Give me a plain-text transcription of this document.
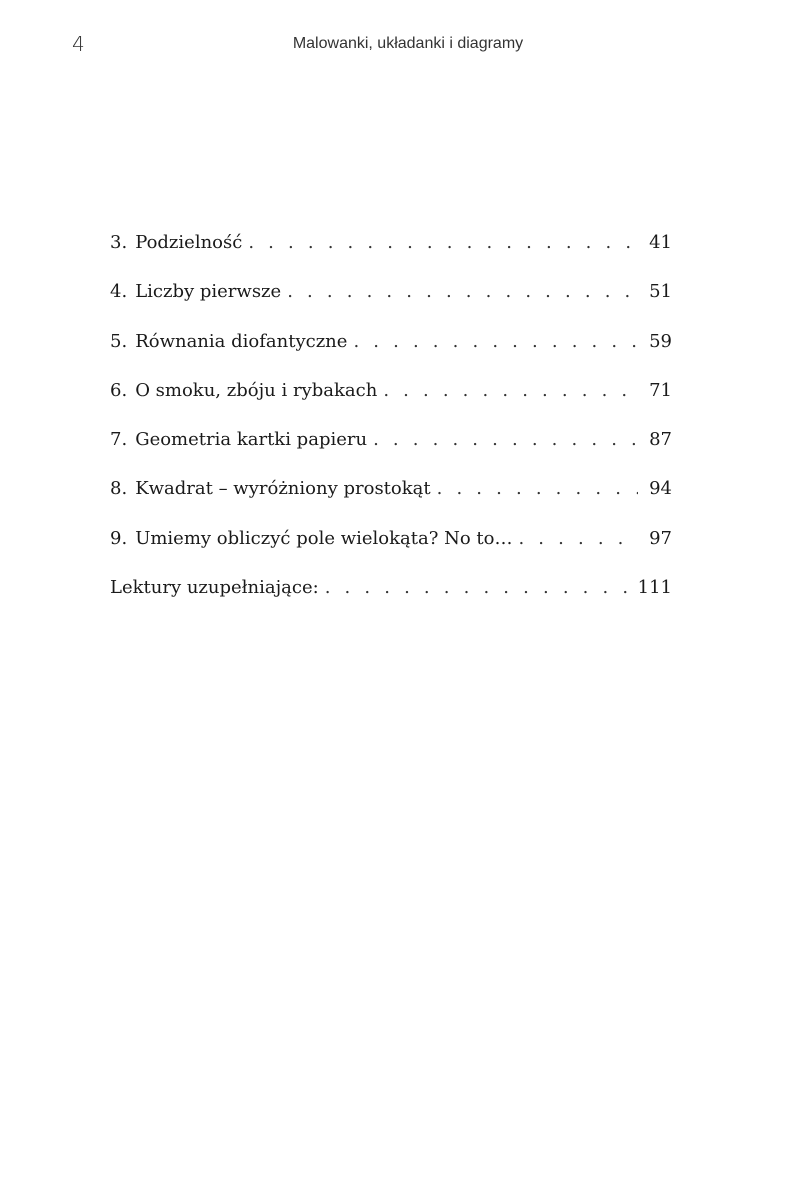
4	Malowanki, układanki i diagramy
3. Podzielność . . .	41
4. Liczby pierwsze . . .	51
5. Równania diofantyczne . . .	59
6. O smoku, zbóju i rybakach . . .	71
7. Geometria kartki papieru . . .	87
8. Kwadrat – wyróżniony prostokąt . . .	94
9. Umiemy obliczyć pole wielokąta? No to… . . .	97
Lektury uzupełniające: . . .	111
